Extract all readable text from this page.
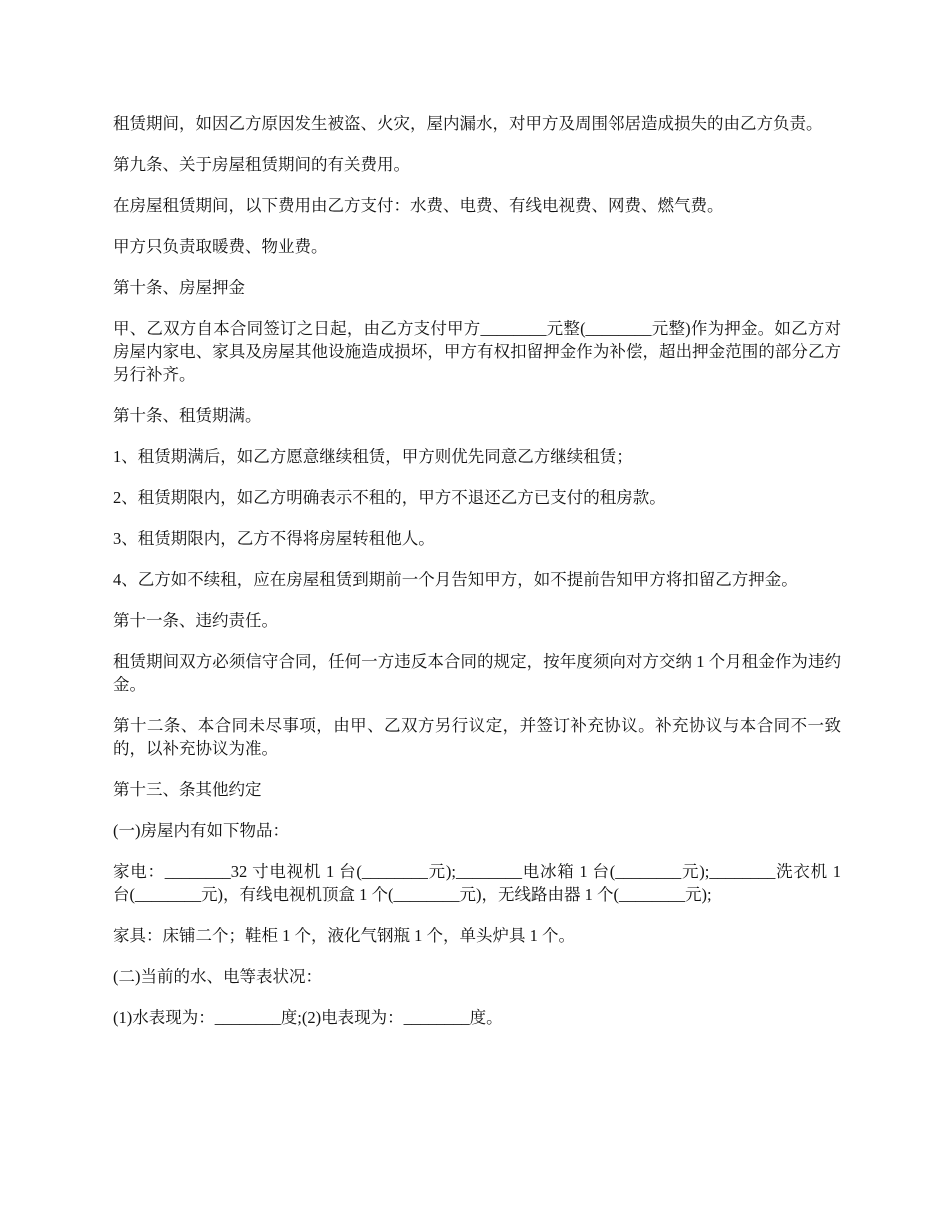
租赁期间，如因乙方原因发生被盗、火灾，屋内漏水，对甲方及周围邻居造成损失的由乙方负责。

第九条、关于房屋租赁期间的有关费用。

在房屋租赁期间，以下费用由乙方支付：水费、电费、有线电视费、网费、燃气费。

甲方只负责取暖费、物业费。

第十条、房屋押金

甲、乙双方自本合同签订之日起，由乙方支付甲方________元整(________元整)作为押金。如乙方对房屋内家电、家具及房屋其他设施造成损坏，甲方有权扣留押金作为补偿，超出押金范围的部分乙方另行补齐。

第十条、租赁期满。

1、租赁期满后，如乙方愿意继续租赁，甲方则优先同意乙方继续租赁；

2、租赁期限内，如乙方明确表示不租的，甲方不退还乙方已支付的租房款。

3、租赁期限内，乙方不得将房屋转租他人。

4、乙方如不续租，应在房屋租赁到期前一个月告知甲方，如不提前告知甲方将扣留乙方押金。

第十一条、违约责任。

租赁期间双方必须信守合同，任何一方违反本合同的规定，按年度须向对方交纳 1 个月租金作为违约金。

第十二条、本合同未尽事项，由甲、乙双方另行议定，并签订补充协议。补充协议与本合同不一致的，以补充协议为准。

第十三、条其他约定

(一)房屋内有如下物品：

家电：________32 寸电视机 1 台(________元);________电冰箱 1 台(________元);________洗衣机 1 台(________元)，有线电视机顶盒 1 个(________元)，无线路由器 1 个(________元);

家具：床铺二个；鞋柜 1 个，液化气钢瓶 1 个，单头炉具 1 个。

(二)当前的水、电等表状况：

(1)水表现为：________度;(2)电表现为：________度。
